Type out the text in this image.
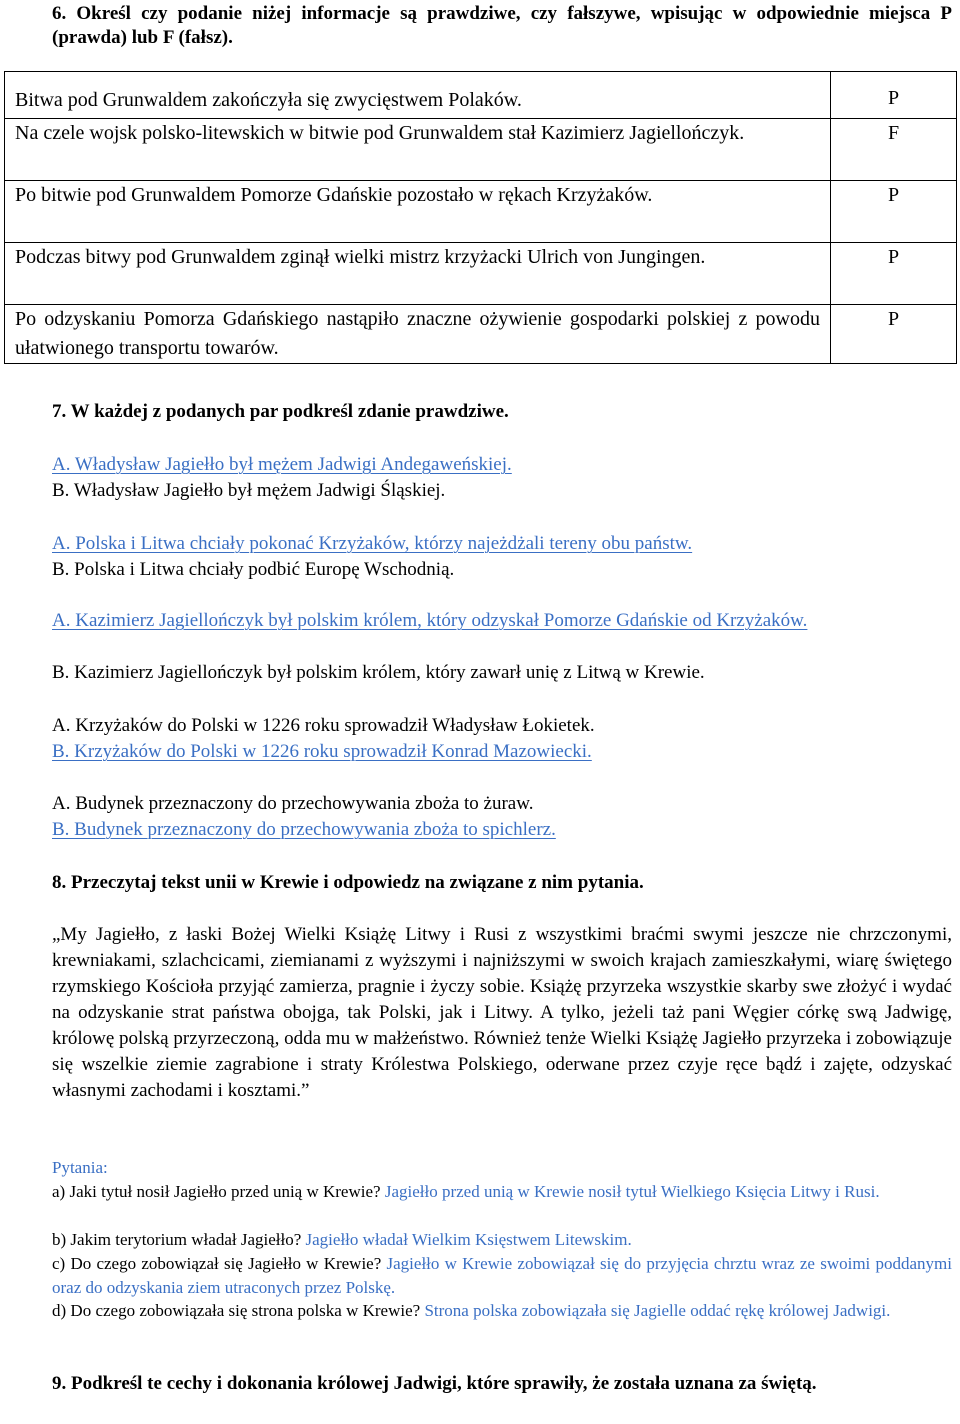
6. Określ czy podanie niżej informacje są prawdziwe, czy fałszywe, wpisując w odpowiednie miejsca P (prawda) lub F (fałsz).
Bitwa pod Grunwaldem zakończyła się zwycięstwem Polaków.	P

Na czele wojsk polsko-litewskich w bitwie pod Grunwaldem stał Kazimierz Jagiellończyk.	F

Po bitwie pod Grunwaldem Pomorze Gdańskie pozostało w rękach Krzyżaków.	P

Podczas bitwy pod Grunwaldem zginął wielki mistrz krzyżacki Ulrich von Jungingen.	P

Po odzyskaniu Pomorza Gdańskiego nastąpiło znaczne ożywienie gospodarki polskiej z powodu ułatwionego transportu towarów.	P
7. W każdej z podanych par podkreśl zdanie prawdziwe.
A. Władysław Jagiełło był mężem Jadwigi Andegaweńskiej.
B. Władysław Jagiełło był mężem Jadwigi Śląskiej.
A. Polska i Litwa chciały pokonać Krzyżaków, którzy najeżdżali tereny obu państw.
B. Polska i Litwa chciały podbić Europę Wschodnią.
A. Kazimierz Jagiellończyk był polskim królem, który odzyskał Pomorze Gdańskie od Krzyżaków.
B. Kazimierz Jagiellończyk był polskim królem, który zawarł unię z Litwą w Krewie.
A. Krzyżaków do Polski w 1226 roku sprowadził Władysław Łokietek.
B. Krzyżaków do Polski w 1226 roku sprowadził Konrad Mazowiecki.
A. Budynek przeznaczony do przechowywania zboża to żuraw.
B. Budynek przeznaczony do przechowywania zboża to spichlerz.
8. Przeczytaj tekst unii w Krewie i odpowiedz na związane z nim pytania.
„My Jagiełło, z łaski Bożej Wielki Książę Litwy i Rusi z wszystkimi braćmi swymi jeszcze nie chrzczonymi, krewniakami, szlachcicami, ziemianami z wyższymi i najniższymi w swoich krajach zamieszkałymi, wiarę świętego rzymskiego Kościoła przyjąć zamierza, pragnie i życzy sobie. Książę przyrzeka wszystkie skarby swe złożyć i wydać na odzyskanie strat państwa obojga, tak Polski, jak i Litwy. A tylko, jeżeli taż pani Węgier córkę swą Jadwigę, królowę polską przyrzeczoną, odda mu w małżeństwo. Również tenże Wielki Książę Jagiełło przyrzeka i zobowiązuje się wszelkie ziemie zagrabione i straty Królestwa Polskiego, oderwane przez czyje ręce bądź i zajęte, odzyskać własnymi zachodami i kosztami.”
Pytania:
a) Jaki tytuł nosił Jagiełło przed unią w Krewie? Jagiełło przed unią w Krewie nosił tytuł Wielkiego Księcia Litwy i Rusi.
b) Jakim terytorium władał Jagiełło? Jagiełło władał Wielkim Księstwem Litewskim.
c) Do czego zobowiązał się Jagiełło w Krewie? Jagiełło w Krewie zobowiązał się do przyjęcia chrztu wraz ze swoimi poddanymi oraz do odzyskania ziem utraconych przez Polskę.
d) Do czego zobowiązała się strona polska w Krewie? Strona polska zobowiązała się Jagielle oddać rękę królowej Jadwigi.
9. Podkreśl te cechy i dokonania królowej Jadwigi, które sprawiły, że została uznana za świętą.
